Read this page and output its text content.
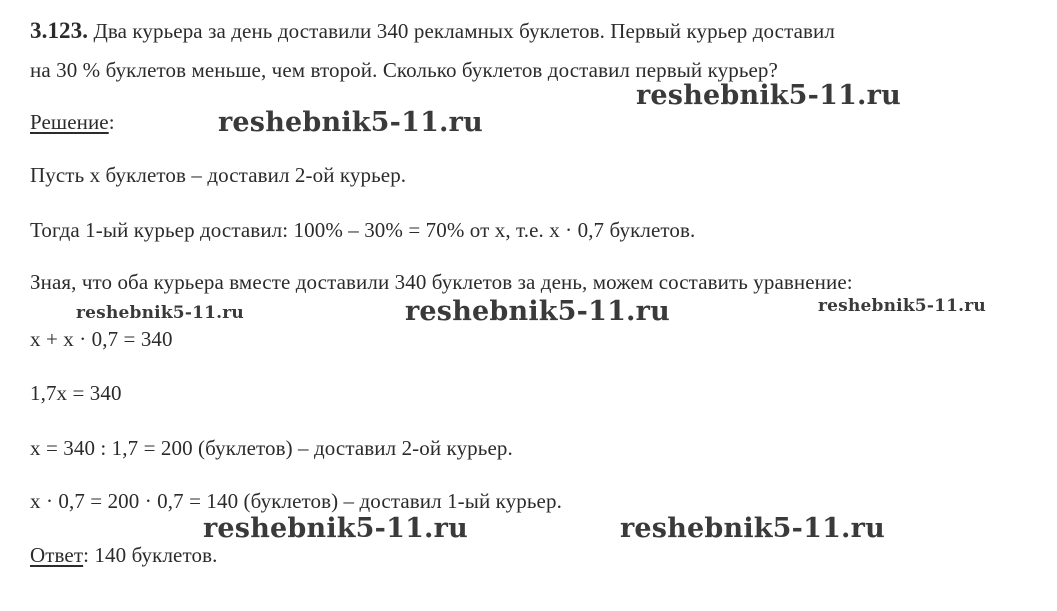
3.123. Два курьера за день доставили 340 рекламных буклетов. Первый курьер доставил
на 30 % буклетов меньше, чем второй. Сколько буклетов доставил первый курьер?
Решение:
Пусть x буклетов – доставил 2-ой курьер.
Тогда 1-ый курьер доставил: 100% – 30% = 70% от x, т.е. x · 0,7 буклетов.
Зная, что оба курьера вместе доставили 340 буклетов за день, можем составить уравнение:
x + x · 0,7 = 340
1,7x = 340
x = 340 : 1,7 = 200 (буклетов) – доставил 2-ой курьер.
x · 0,7 = 200 · 0,7 = 140 (буклетов) – доставил 1-ый курьер.
Ответ: 140 буклетов.
reshebnik5-11.ru
reshebnik5-11.ru
reshebnik5-11.ru	reshebnik5-11.ru	reshebnik5-11.ru
reshebnik5-11.ru	reshebnik5-11.ru
